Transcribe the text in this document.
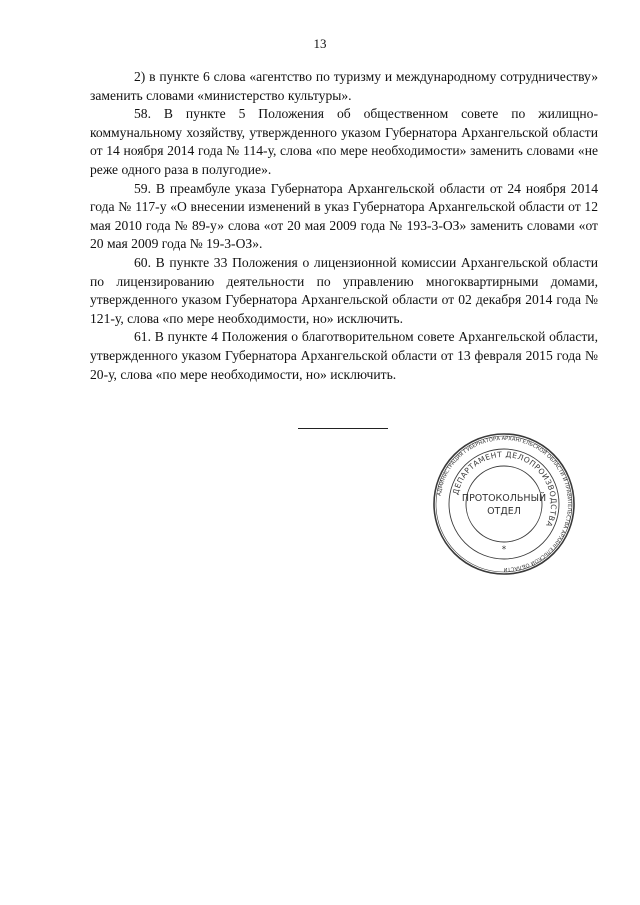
13

2) в пункте 6 слова «агентство по туризму и международному сотрудничеству» заменить словами «министерство культуры».

58. В пункте 5 Положения об общественном совете по жилищно-коммунальному хозяйству, утвержденного указом Губернатора Архангельской области от 14 ноября 2014 года № 114-у, слова «по мере необходимости» заменить словами «не реже одного раза в полугодие».

59. В преамбуле указа Губернатора Архангельской области от 24 ноября 2014 года № 117-у «О внесении изменений в указ Губернатора Архангельской области от 12 мая 2010 года № 89-у» слова «от 20 мая 2009 года № 193-3-ОЗ» заменить словами «от 20 мая 2009 года № 19-3-ОЗ».

60. В пункте 33 Положения о лицензионной комиссии Архангельской области по лицензированию деятельности по управлению многоквартирными домами, утвержденного указом Губернатора Архангельской области от 02 декабря 2014 года № 121-у, слова «по мере необходимости, но» исключить.

61. В пункте 4 Положения о благотворительном совете Архангельской области, утвержденного указом Губернатора Архангельской области от 13 февраля 2015 года № 20-у, слова «по мере необходимости, но» исключить.

АДМИНИСТРАЦИЯ ГУБЕРНАТОРА АРХАНГЕЛЬСКОЙ ОБЛАСТИ И ПРАВИТЕЛЬСТВА АРХАНГЕЛЬСКОЙ ОБЛАСТИ
ДЕПАРТАМЕНТ ДЕЛОПРОИЗВОДСТВА
ПРОТОКОЛЬНЫЙ
ОТДЕЛ
*
